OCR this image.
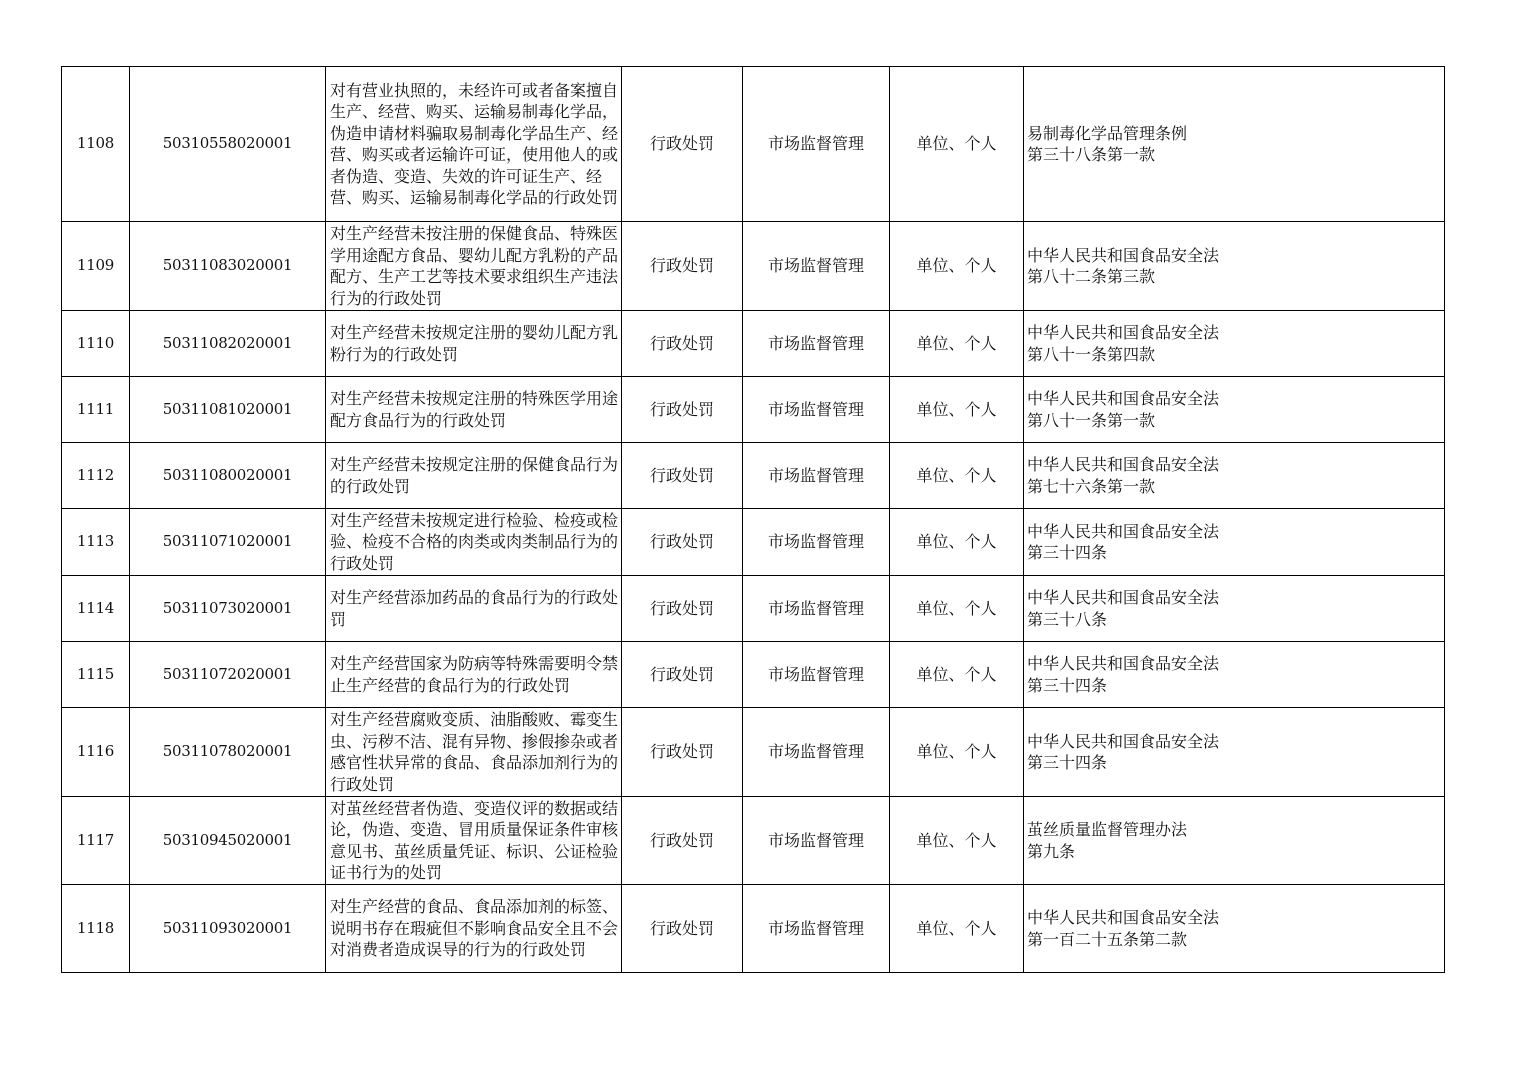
1108	50310558020001	对有营业执照的，未经许可或者备案擅自生产、经营、购买、运输易制毒化学品，伪造申请材料骗取易制毒化学品生产、经营、购买或者运输许可证，使用他人的或者伪造、变造、失效的许可证生产、经营、购买、运输易制毒化学品的行政处罚	行政处罚	市场监督管理	单位、个人	易制毒化学品管理条例
第三十八条第一款

1109	50311083020001	对生产经营未按注册的保健食品、特殊医学用途配方食品、婴幼儿配方乳粉的产品配方、生产工艺等技术要求组织生产违法行为的行政处罚	行政处罚	市场监督管理	单位、个人	中华人民共和国食品安全法
第八十二条第三款

1110	50311082020001	对生产经营未按规定注册的婴幼儿配方乳粉行为的行政处罚	行政处罚	市场监督管理	单位、个人	中华人民共和国食品安全法
第八十一条第四款

1111	50311081020001	对生产经营未按规定注册的特殊医学用途配方食品行为的行政处罚	行政处罚	市场监督管理	单位、个人	中华人民共和国食品安全法
第八十一条第一款

1112	50311080020001	对生产经营未按规定注册的保健食品行为的行政处罚	行政处罚	市场监督管理	单位、个人	中华人民共和国食品安全法
第七十六条第一款

1113	50311071020001	对生产经营未按规定进行检验、检疫或检验、检疫不合格的肉类或肉类制品行为的行政处罚	行政处罚	市场监督管理	单位、个人	中华人民共和国食品安全法
第三十四条

1114	50311073020001	对生产经营添加药品的食品行为的行政处罚	行政处罚	市场监督管理	单位、个人	中华人民共和国食品安全法
第三十八条

1115	50311072020001	对生产经营国家为防病等特殊需要明令禁止生产经营的食品行为的行政处罚	行政处罚	市场监督管理	单位、个人	中华人民共和国食品安全法
第三十四条

1116	50311078020001	对生产经营腐败变质、油脂酸败、霉变生虫、污秽不洁、混有异物、掺假掺杂或者感官性状异常的食品、食品添加剂行为的行政处罚	行政处罚	市场监督管理	单位、个人	中华人民共和国食品安全法
第三十四条

1117	50310945020001	对茧丝经营者伪造、变造仪评的数据或结论，伪造、变造、冒用质量保证条件审核意见书、茧丝质量凭证、标识、公证检验证书行为的处罚	行政处罚	市场监督管理	单位、个人	茧丝质量监督管理办法
第九条

1118	50311093020001	对生产经营的食品、食品添加剂的标签、说明书存在瑕疵但不影响食品安全且不会对消费者造成误导的行为的行政处罚	行政处罚	市场监督管理	单位、个人	中华人民共和国食品安全法
第一百二十五条第二款
